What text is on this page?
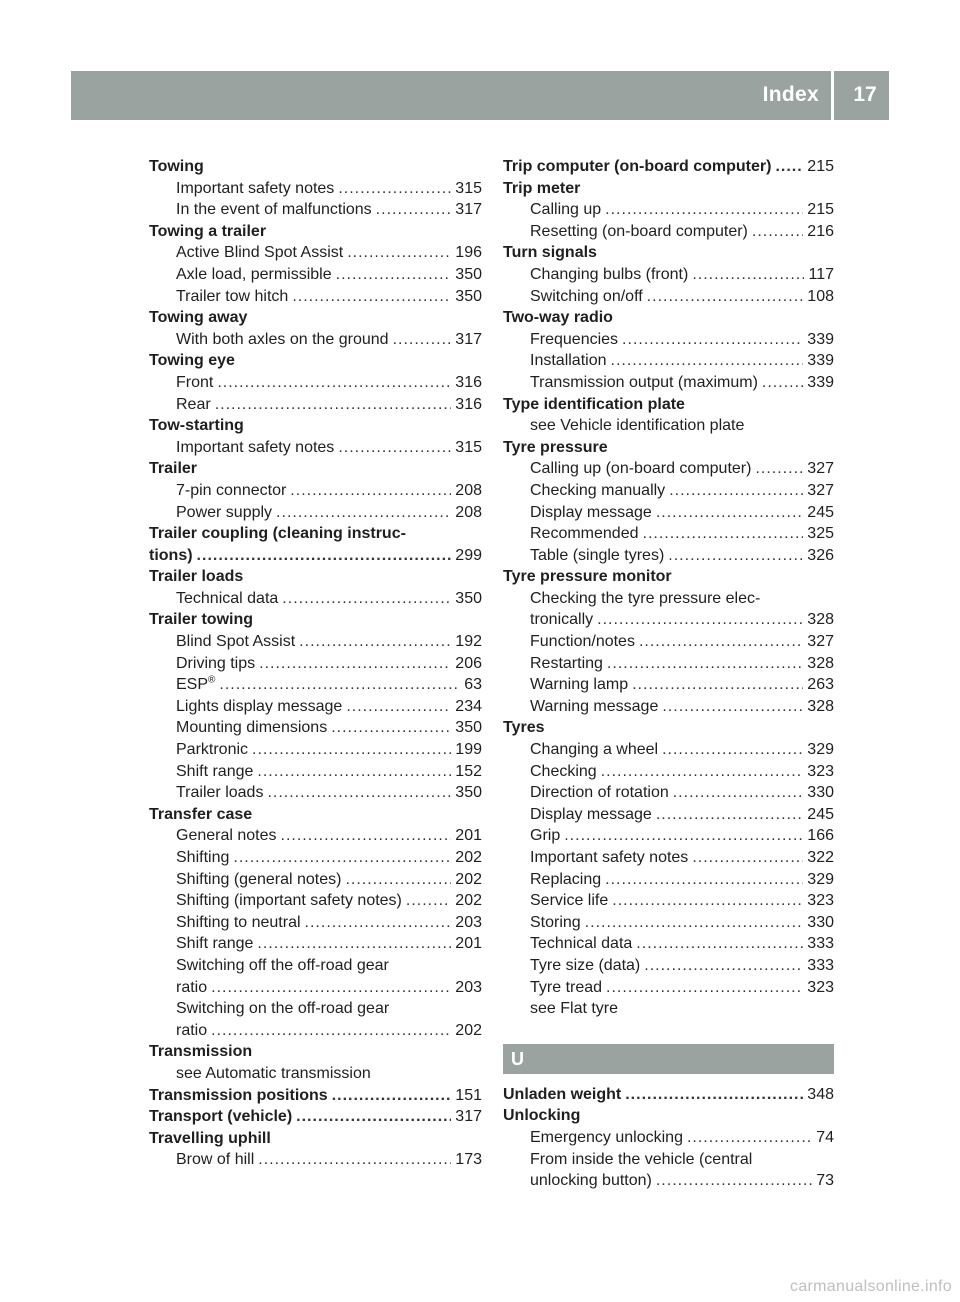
Index	17
Towing
Important safety notes .....	315
In the event of malfunctions .....	317
Towing a trailer
Active Blind Spot Assist .....	196
Axle load, permissible .....	350
Trailer tow hitch .....	350
Towing away
With both axles on the ground .....	317
Towing eye
Front .....	316
Rear .....	316
Tow-starting
Important safety notes .....	315
Trailer
7-pin connector .....	208
Power supply .....	208
Trailer coupling (cleaning instruc-
tions) .....	299
Trailer loads
Technical data .....	350
Trailer towing
Blind Spot Assist .....	192
Driving tips .....	206
ESP® .....	63
Lights display message .....	234
Mounting dimensions .....	350
Parktronic .....	199
Shift range .....	152
Trailer loads .....	350
Transfer case
General notes .....	201
Shifting .....	202
Shifting (general notes) .....	202
Shifting (important safety notes) .....	202
Shifting to neutral .....	203
Shift range .....	201
Switching off the off-road gear
ratio .....	203
Switching on the off-road gear
ratio .....	202
Transmission
see Automatic transmission
Transmission positions .....	151
Transport (vehicle) .....	317
Travelling uphill
Brow of hill .....	173
Trip computer (on-board computer) ..... 215
Trip meter
Calling up .....	215
Resetting (on-board computer) .....	216
Turn signals
Changing bulbs (front) .....	117
Switching on/off .....	108
Two-way radio
Frequencies .....	339
Installation .....	339
Transmission output (maximum) .....	339
Type identification plate
see Vehicle identification plate
Tyre pressure
Calling up (on-board computer) .....	327
Checking manually .....	327
Display message .....	245
Recommended .....	325
Table (single tyres) .....	326
Tyre pressure monitor
Checking the tyre pressure elec-
tronically .....	328
Function/notes .....	327
Restarting .....	328
Warning lamp .....	263
Warning message .....	328
Tyres
Changing a wheel .....	329
Checking .....	323
Direction of rotation .....	330
Display message .....	245
Grip .....	166
Important safety notes .....	322
Replacing .....	329
Service life .....	323
Storing .....	330
Technical data .....	333
Tyre size (data) .....	333
Tyre tread .....	323
see Flat tyre
U
Unladen weight .....	348
Unlocking
Emergency unlocking .....	74
From inside the vehicle (central
unlocking button) .....	73
carmanualsonline.info
